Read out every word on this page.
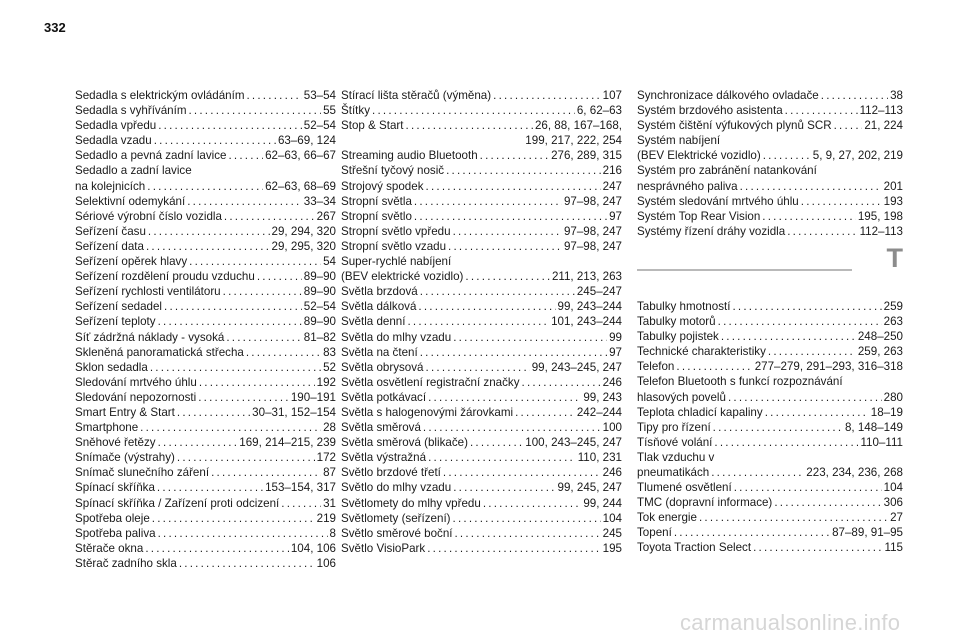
332
Sedadla s elektrickým ovládáním . . .	53–54
Sedadla s vyhříváním . . .	55
Sedadla vpředu . . .	52–54
Sedadla vzadu . . .	63–69, 124
Sedadlo a pevná zadní lavice . . .	62–63, 66–67
Sedadlo a zadní lavice
na kolejnicích . . .	62–63, 68–69
Selektivní odemykání . . .	33–34
Sériové výrobní číslo vozidla . . .	267
Seřízení času . . .	29, 294, 320
Seřízení data . . .	29, 295, 320
Seřízení opěrek hlavy . . .	54
Seřízení rozdělení proudu vzduchu . . .	89–90
Seřízení rychlosti ventilátoru . . .	89–90
Seřízení sedadel . . .	52–54
Seřízení teploty . . .	89–90
Síť zádržná náklady - vysoká . . .	81–82
Skleněná panoramatická střecha . . .	83
Sklon sedadla . . .	52
Sledování mrtvého úhlu . . .	192
Sledování nepozornosti . . .	190–191
Smart Entry & Start . . .	30–31, 152–154
Smartphone . . .	28
Sněhové řetězy . . .	169, 214–215, 239
Snímače (výstrahy) . . .	172
Snímač slunečního záření . . .	87
Spínací skříňka . . .	153–154, 317
Spínací skříňka / Zařízení proti odcizení . . .	31
Spotřeba oleje . . .	219
Spotřeba paliva . . .	8
Stěrače okna . . .	104, 106
Stěrač zadního skla . . .	106
Stírací lišta stěračů (výměna) . . .	107
Štítky . . .	6, 62–63
Stop & Start . . .	26, 88, 167–168,
199, 217, 222, 254
Streaming audio Bluetooth . . .	276, 289, 315
Střešní tyčový nosič . . .	216
Strojový spodek . . .	247
Stropní světla . . .	97–98, 247
Stropní světlo . . .	97
Stropní světlo vpředu . . .	97–98, 247
Stropní světlo vzadu . . .	97–98, 247
Super-rychlé nabíjení
(BEV elektrické vozidlo) . . .	211, 213, 263
Světla brzdová . . .	245–247
Světla dálková . . .	99, 243–244
Světla denní . . .	101, 243–244
Světla do mlhy vzadu . . .	99
Světla na čtení . . .	97
Světla obrysová . . .	99, 243–245, 247
Světla osvětlení registrační značky . . .	246
Světla potkávací . . .	99, 243
Světla s halogenovými žárovkami . . .	242–244
Světla směrová . . .	100
Světla směrová (blikače) . . .	100, 243–245, 247
Světla výstražná . . .	110, 231
Světlo brzdové třetí . . .	246
Světlo do mlhy vzadu . . .	99, 245, 247
Světlomety do mlhy vpředu . . .	99, 244
Světlomety (seřízení) . . .	104
Světlo směrové boční . . .	245
Světlo VisioPark . . .	195
Synchronizace dálkového ovladače . . .	38
Systém brzdového asistenta . . .	112–113
Systém čištění výfukových plynů SCR . . .	21, 224
Systém nabíjení
(BEV Elektrické vozidlo) . . .	5, 9, 27, 202, 219
Systém pro zabránění natankování
nesprávného paliva . . .	201
Systém sledování mrtvého úhlu . . .	193
Systém Top Rear Vision . . .	195, 198
Systémy řízení dráhy vozidla . . .	112–113
T
Tabulky hmotností . . .	259
Tabulky motorů . . .	263
Tabulky pojistek . . .	248–250
Technické charakteristiky . . .	259, 263
Telefon . . .	277–279, 291–293, 316–318
Telefon Bluetooth s funkcí rozpoznávání
hlasových povelů . . .	280
Teplota chladicí kapaliny . . .	18–19
Tipy pro řízení . . .	8, 148–149
Tísňové volání . . .	110–111
Tlak vzduchu v
pneumatikách . . .	223, 234, 236, 268
Tlumené osvětlení . . .	104
TMC (dopravní informace) . . .	306
Tok energie . . .	27
Topení . . .	87–89, 91–95
Toyota Traction Select . . .	115
carmanualsonline.info
